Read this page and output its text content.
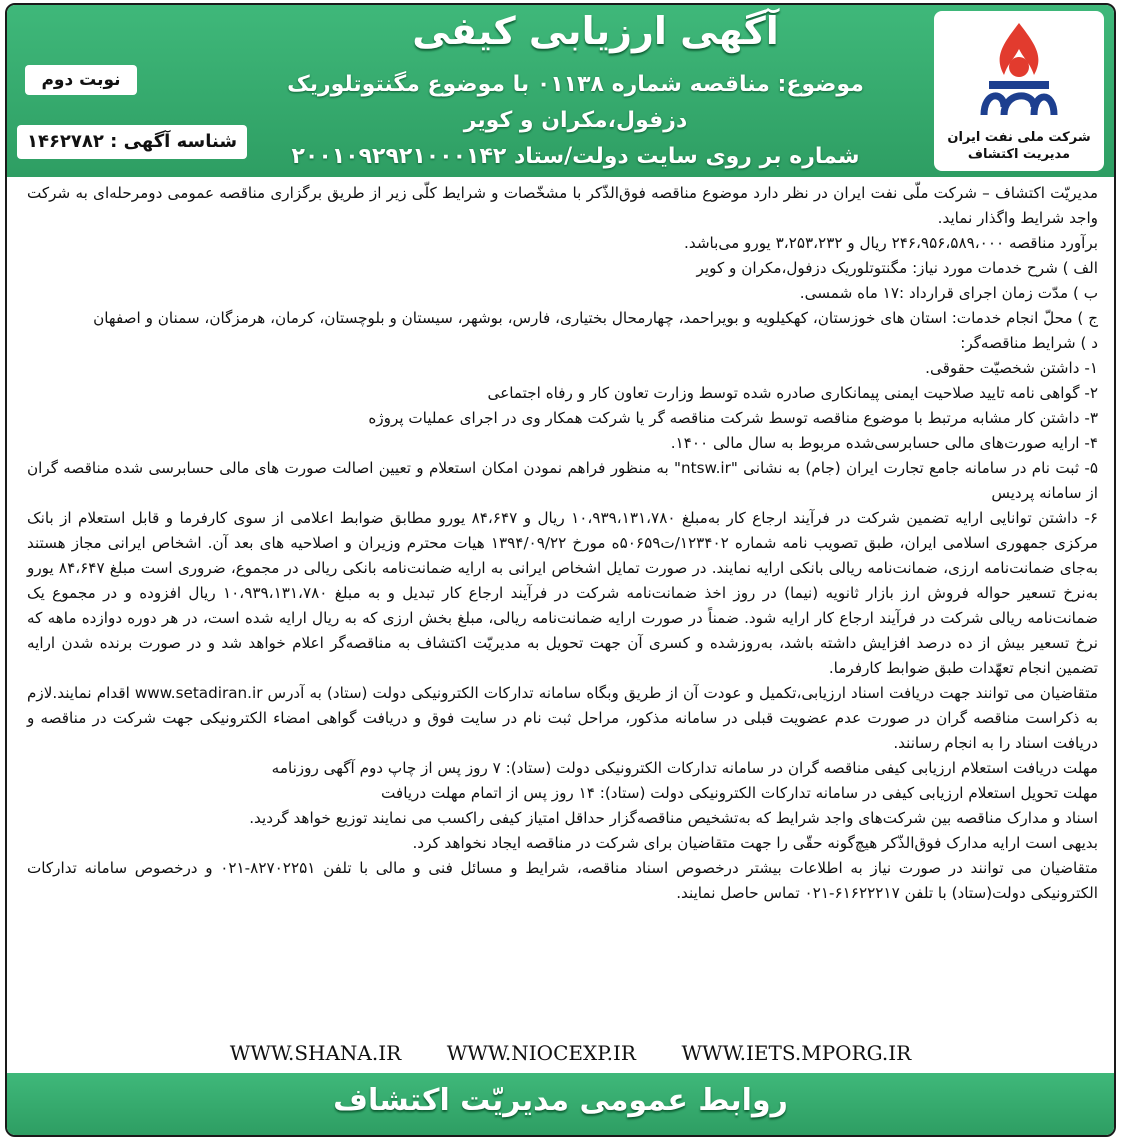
شرکت ملی نفت ایران
مدیریت اکتشاف
آگهی ارزیابی کیفی
موضوع: مناقصه شماره ۰۱۱۳۸ با موضوع مگنتوتلوریک دزفول،مکران و کویر
شماره بر روی سایت دولت/ستاد ۲۰۰۱۰۹۲۹۲۱۰۰۰۱۴۲
نوبت دوم
شناسه آگهی : ۱۴۶۲۷۸۲

مدیریّت اکتشاف – شرکت ملّی نفت ایران در نظر دارد موضوع مناقصه فوق‌الذّکر با مشخّصات و شرایط کلّی زیر از طریق برگزاری مناقصه عمومی دومرحله‌ای به شرکت واجد شرایط واگذار نماید.

برآورد مناقصه ۲۴۶،۹۵۶،۵۸۹،۰۰۰ ریال و ۳،۲۵۳،۲۳۲ یورو می‌باشد.

الف ) شرح خدمات مورد نیاز: مگنتوتلوریک دزفول،مکران و کویر

ب ) مدّت زمان اجرای قرارداد :۱۷ ماه شمسی.

ج ) محلّ انجام خدمات: استان های خوزستان، کهکیلویه و بویراحمد، چهارمحال بختیاری، فارس، بوشهر، سیستان و بلوچستان، کرمان، هرمزگان، سمنان و اصفهان

د ) شرایط مناقصه‌گر:

۱- داشتن شخصیّت حقوقی.

۲- گواهی نامه تایید صلاحیت ایمنی پیمانکاری صادره شده توسط وزارت تعاون کار و رفاه اجتماعی

۳- داشتن کار مشابه مرتبط با موضوع مناقصه توسط شرکت مناقصه گر یا شرکت همکار وی در اجرای عملیات پروژه

۴- ارایه صورت‌های مالی حسابرسی‌شده مربوط به سال مالی ۱۴۰۰.

۵- ثبت نام در سامانه جامع تجارت ایران (جام) به نشانی "ntsw.ir" به منظور فراهم نمودن امکان استعلام و تعیین اصالت صورت های مالی حسابرسی شده مناقصه گران از سامانه پردیس

۶- داشتن توانایی ارایه تضمین شرکت در فرآیند ارجاع کار به‌مبلغ ۱۰،۹۳۹،۱۳۱،۷۸۰ ریال و ۸۴،۶۴۷ یورو مطابق ضوابط اعلامی از سوی کارفرما و قابل استعلام از بانک مرکزی جمهوری اسلامی ایران، طبق تصویب نامه شماره ۱۲۳۴۰۲/ت۵۰۶۵۹ه مورخ ۱۳۹۴/۰۹/۲۲ هیات محترم وزیران و اصلاحیه های بعد آن. اشخاص ایرانی مجاز هستند به‌جای ضمانت‌نامه ارزی، ضمانت‌نامه ریالی بانکی ارایه نمایند. در صورت تمایل اشخاص ایرانی به ارایه ضمانت‌نامه بانکی ریالی در مجموع، ضروری است مبلغ ۸۴،۶۴۷ یورو به‌نرخ تسعیر حواله فروش ارز بازار ثانویه (نیما) در روز اخذ ضمانت‌نامه شرکت در فرآیند ارجاع کار تبدیل و به مبلغ ۱۰،۹۳۹،۱۳۱،۷۸۰ ریال افزوده و در مجموع یک ضمانت‌نامه ریالی شرکت در فرآیند ارجاع کار ارایه شود. ضمناً در صورت ارایه ضمانت‌نامه ریالی، مبلغ بخش ارزی که به ریال ارایه شده است، در هر دوره دوازده ماهه که نرخ تسعیر بیش از ده درصد افزایش داشته باشد، به‌روزشده و کسری آن جهت تحویل به مدیریّت اکتشاف به مناقصه‌گر اعلام خواهد شد و در صورت برنده شدن ارایه تضمین انجام تعهّدات طبق ضوابط کارفرما.

متقاضیان می توانند جهت دریافت اسناد ارزیابی،تکمیل و عودت آن از طریق وبگاه سامانه تدارکات الکترونیکی دولت (ستاد) به آدرس www.setadiran.ir اقدام نمایند.لازم به ذکراست مناقصه گران در صورت عدم عضویت قبلی در سامانه مذکور، مراحل ثبت نام در سایت فوق و دریافت گواهی امضاء الکترونیکی جهت شرکت در مناقصه و دریافت اسناد را به انجام رسانند.

مهلت دریافت استعلام ارزیابی کیفی مناقصه گران در سامانه تدارکات الکترونیکی دولت (ستاد): ۷ روز پس از چاپ دوم آگهی روزنامه

مهلت تحویل استعلام ارزیابی کیفی در سامانه تدارکات الکترونیکی دولت (ستاد): ۱۴ روز پس از اتمام مهلت دریافت

اسناد و مدارک مناقصه بین شرکت‌های واجد شرایط که به‌تشخیص مناقصه‌گزار حداقل امتیاز کیفی راکسب می نمایند توزیع خواهد گردید.

بدیهی است ارایه مدارک فوق‌الذّکر هیچ‌گونه حقّی را جهت متقاضیان برای شرکت در مناقصه ایجاد نخواهد کرد.

متقاضیان می توانند در صورت نیاز به اطلاعات بیشتر درخصوص اسناد مناقصه، شرایط و مسائل فنی و مالی با تلفن ۸۲۷۰۲۲۵۱-۰۲۱ و درخصوص سامانه تدارکات الکترونیکی دولت(ستاد) با تلفن ۶۱۶۲۲۲۱۷-۰۲۱ تماس حاصل نمایند.

WWW.SHANA.IR WWW.NIOCEXP.IR WWW.IETS.MPORG.IR
روابط عمومی مدیریّت اکتشاف
